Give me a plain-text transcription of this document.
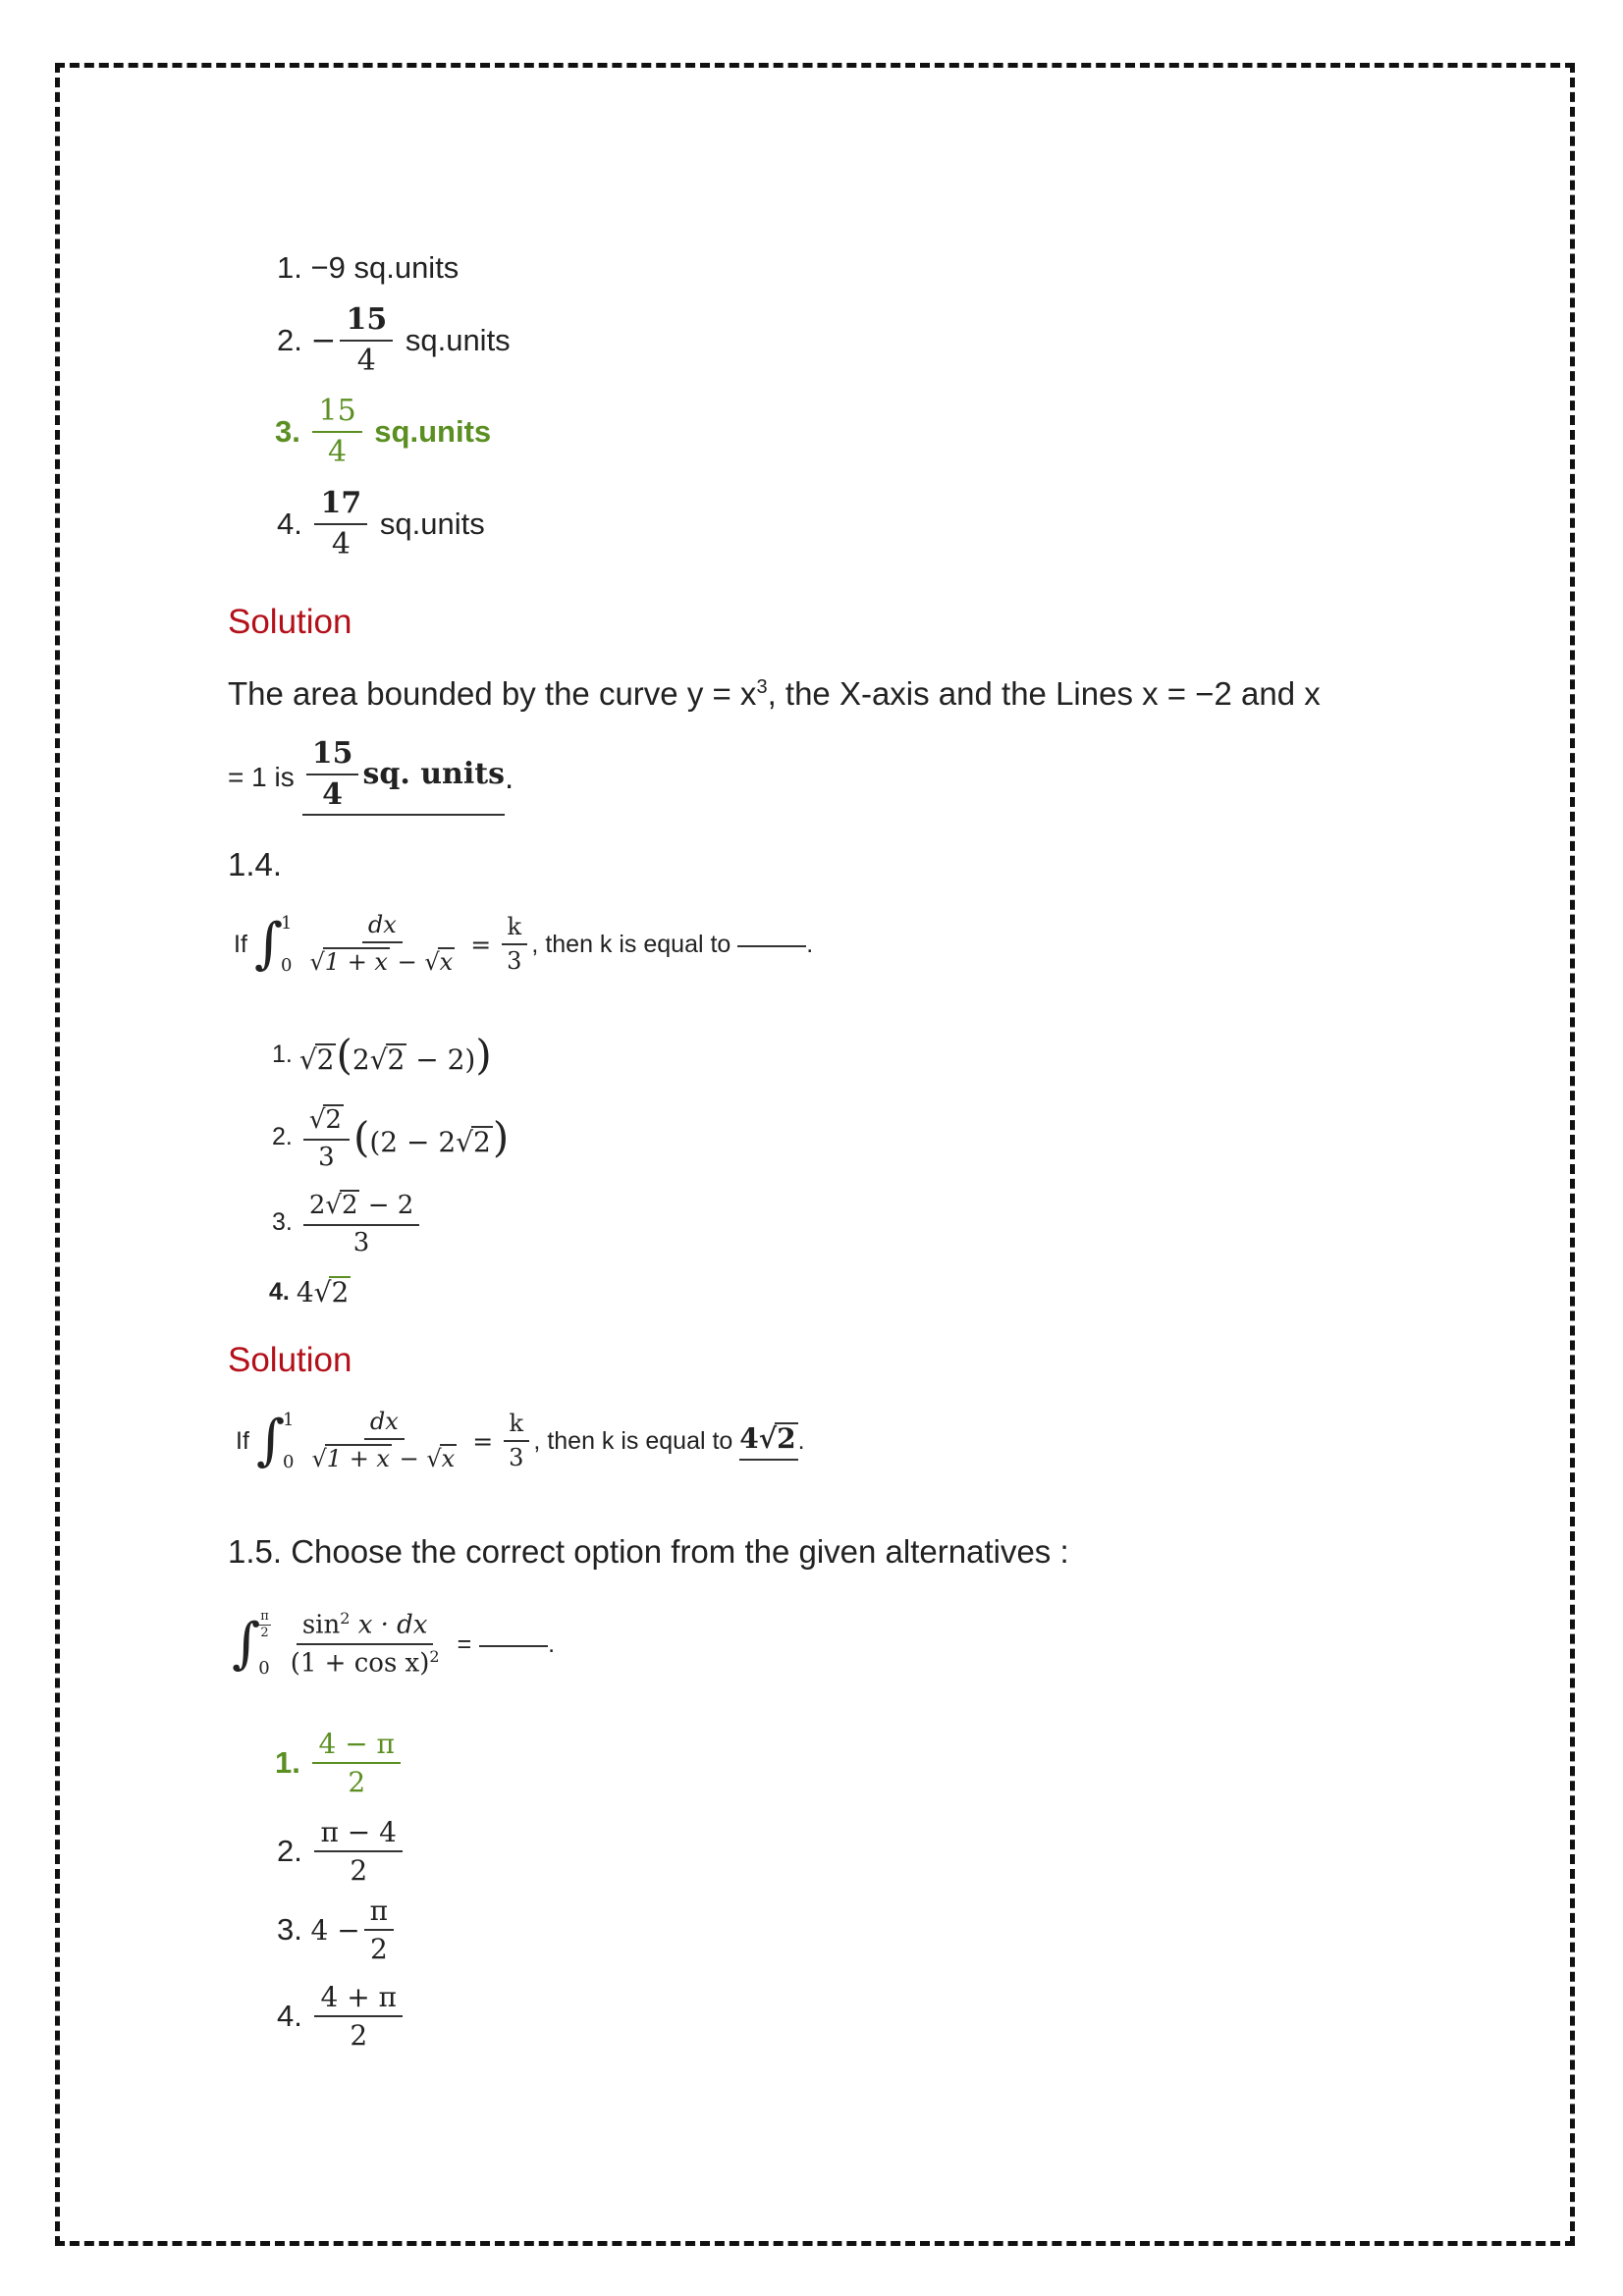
1.
−9
sq.units
2.
− $\frac{15}{4}$
sq.units
3.
$\frac{15}{4}$
sq.units
4.
$\frac{17}{4}$
sq.units
Solution
The area bounded by the curve $y = x^3$, the X-axis and the Lines x = −2 and x
= 1 is $\frac{15}{4}$ sq. units .
1.4.
If
∫
1
$0 \frac{dx}{√1 + x - √x} = \frac{k}{3}$ , then k is equal to
	.
1.
√2(2√2 − 2))
2.
$\frac{√2}{3} ((2 - 2√2)$
3.
$\frac{2√2 - 2}{3}$
4.
4√2
Solution
If
∫
1
$0 \frac{dx}{√1 + x - √x} = \frac{k}{3}$ , then k is equal to
4√2 .
1.5. Choose the correct option from the given alternatives :
∫
$\frac{\pi}{2}$
$0 \frac{\sin^2 x \cdot dx}{(1 + \cos x)^2}$ =	.
1.
$\frac{4 - \pi}{2}$
2.
$\frac{\pi - 4}{2}$
3.
$4 - \frac{\pi}{2}$
4.
$\frac{4 + \pi}{2}$
